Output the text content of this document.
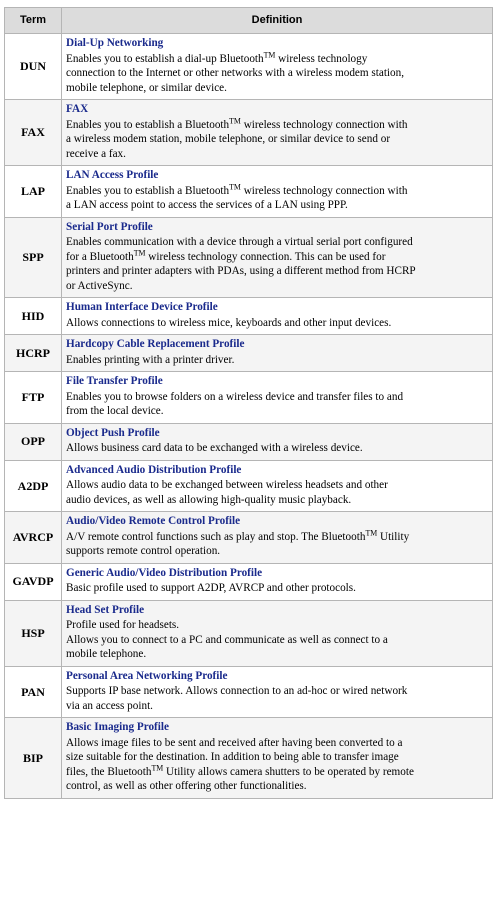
Term	Definition
DUN	Dial-Up Networking
Enables you to establish a dial-up Bluetooth™ wireless technology
connection to the Internet or other networks with a wireless modem station,
mobile telephone, or similar device.

FAX	FAX
Enables you to establish a Bluetooth™ wireless technology connection with
a wireless modem station, mobile telephone, or similar device to send or
receive a fax.

LAP	LAN Access Profile
Enables you to establish a Bluetooth™ wireless technology connection with
a LAN access point to access the services of a LAN using PPP.

SPP	Serial Port Profile
Enables communication with a device through a virtual serial port configured
for a Bluetooth™ wireless technology connection. This can be used for
printers and printer adapters with PDAs, using a different method from HCRP
or ActiveSync.

HID	Human Interface Device Profile
Allows connections to wireless mice, keyboards and other input devices.

HCRP	Hardcopy Cable Replacement Profile
Enables printing with a printer driver.

FTP	File Transfer Profile
Enables you to browse folders on a wireless device and transfer files to and
from the local device.

OPP	Object Push Profile
Allows business card data to be exchanged with a wireless device.

A2DP	Advanced Audio Distribution Profile
Allows audio data to be exchanged between wireless headsets and other
audio devices, as well as allowing high-quality music playback.

AVRCP	Audio/Video Remote Control Profile
A/V remote control functions such as play and stop. The Bluetooth™ Utility
supports remote control operation.

GAVDP	Generic Audio/Video Distribution Profile
Basic profile used to support A2DP, AVRCP and other protocols.

HSP	Head Set Profile
Profile used for headsets.
Allows you to connect to a PC and communicate as well as connect to a
mobile telephone.

PAN	Personal Area Networking Profile
Supports IP base network. Allows connection to an ad-hoc or wired network
via an access point.

BIP	Basic Imaging Profile
Allows image files to be sent and received after having been converted to a
size suitable for the destination. In addition to being able to transfer image
files, the Bluetooth™ Utility allows camera shutters to be operated by remote
control, as well as other offering other functionalities.
